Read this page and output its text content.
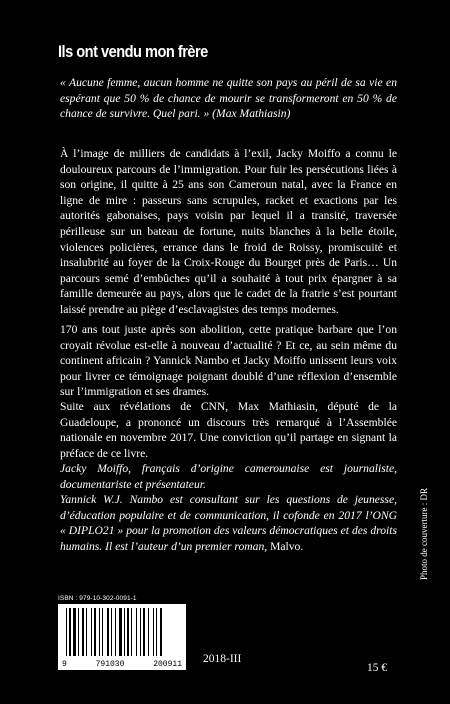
Ils ont vendu mon frère

« Aucune femme, aucun homme ne quitte son pays au péril de sa vie en espérant que 50 % de chance de mourir se transformeront en 50 % de chance de survivre. Quel pari. » (Max Mathiasin)

À l’image de milliers de candidats à l’exil, Jacky Moiffo a connu le douloureux parcours de l’immigration. Pour fuir les persécutions liées à son origine, il quitte à 25 ans son Cameroun natal, avec la France en ligne de mire : passeurs sans scrupules, racket et exactions par les autorités gabonaises, pays voisin par lequel il a transité, traversée périlleuse sur un bateau de fortune, nuits blanches à la belle étoile, violences policières, errance dans le froid de Roissy, promiscuité et insalubrité au foyer de la Croix-Rouge du Bourget près de Paris… Un parcours semé d’embûches qu’il a souhaité à tout prix épargner à sa famille demeurée au pays, alors que le cadet de la fratrie s’est pourtant laissé prendre au piège d’esclavagistes des temps modernes.

170 ans tout juste après son abolition, cette pratique barbare que l’on croyait révolue est-elle à nouveau d’actualité ? Et ce, au sein même du continent africain ? Yannick Nambo et Jacky Moiffo unissent leurs voix pour livrer ce témoignage poignant doublé d’une réflexion d’ensemble sur l’immigration et ses drames.

Suite aux révélations de CNN, Max Mathiasin, député de la Guadeloupe, a prononcé un discours très remarqué à l’Assemblée nationale en novembre 2017. Une conviction qu’il partage en signant la préface de ce livre.

Jacky Moiffo, français d’origine camerounaise est journaliste, documentariste et présentateur.

Yannick W.J. Nambo est consultant sur les questions de jeunesse, d’éducation populaire et de communication, il cofonde en 2017 l’ONG « DIPLO21 » pour la promotion des valeurs démocratiques et des droits humains. Il est l’auteur d’un premier roman, Malvo.

ISBN : 979-10-302-0091-1
9	791030	200911 2018-III
15 €
Photo de couverture : DR
